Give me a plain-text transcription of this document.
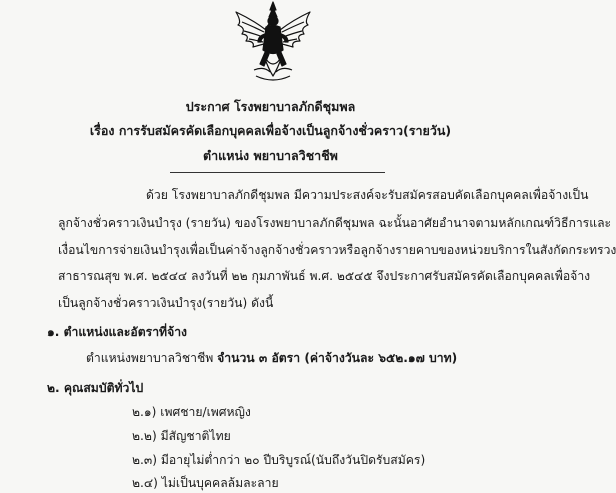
ประกาศ โรงพยาบาลภักดีชุมพล
เรื่อง การรับสมัครคัดเลือกบุคคลเพื่อจ้างเป็นลูกจ้างชั่วคราว(รายวัน)
ตำแหน่ง พยาบาลวิชาชีพ
ด้วย โรงพยาบาลภักดีชุมพล มีความประสงค์จะรับสมัครสอบคัดเลือกบุคคลเพื่อจ้างเป็น
ลูกจ้างชั่วคราวเงินบำรุง (รายวัน) ของโรงพยาบาลภักดีชุมพล ฉะนั้นอาศัยอำนาจตามหลักเกณฑ์วิธีการและ
เงื่อนไขการจ่ายเงินบำรุงเพื่อเป็นค่าจ้างลูกจ้างชั่วคราวหรือลูกจ้างรายคาบของหน่วยบริการในสังกัดกระทรวง
สาธารณสุข พ.ศ. ๒๕๔๔ ลงวันที่ ๒๒ กุมภาพันธ์ พ.ศ. ๒๕๔๕ จึงประกาศรับสมัครคัดเลือกบุคคลเพื่อจ้าง
เป็นลูกจ้างชั่วคราวเงินบำรุง(รายวัน) ดังนี้
๑. ตำแหน่งและอัตราที่จ้าง
ตำแหน่งพยาบาลวิชาชีพ จำนวน ๓ อัตรา (ค่าจ้างวันละ ๖๕๒.๑๗ บาท)
๒. คุณสมบัติทั่วไป
๒.๑) เพศชาย/เพศหญิง
๒.๒) มีสัญชาติไทย
๒.๓) มีอายุไม่ต่ำกว่า ๒๐ ปีบริบูรณ์(นับถึงวันปิดรับสมัคร)
๒.๔) ไม่เป็นบุคคลล้มละลาย
